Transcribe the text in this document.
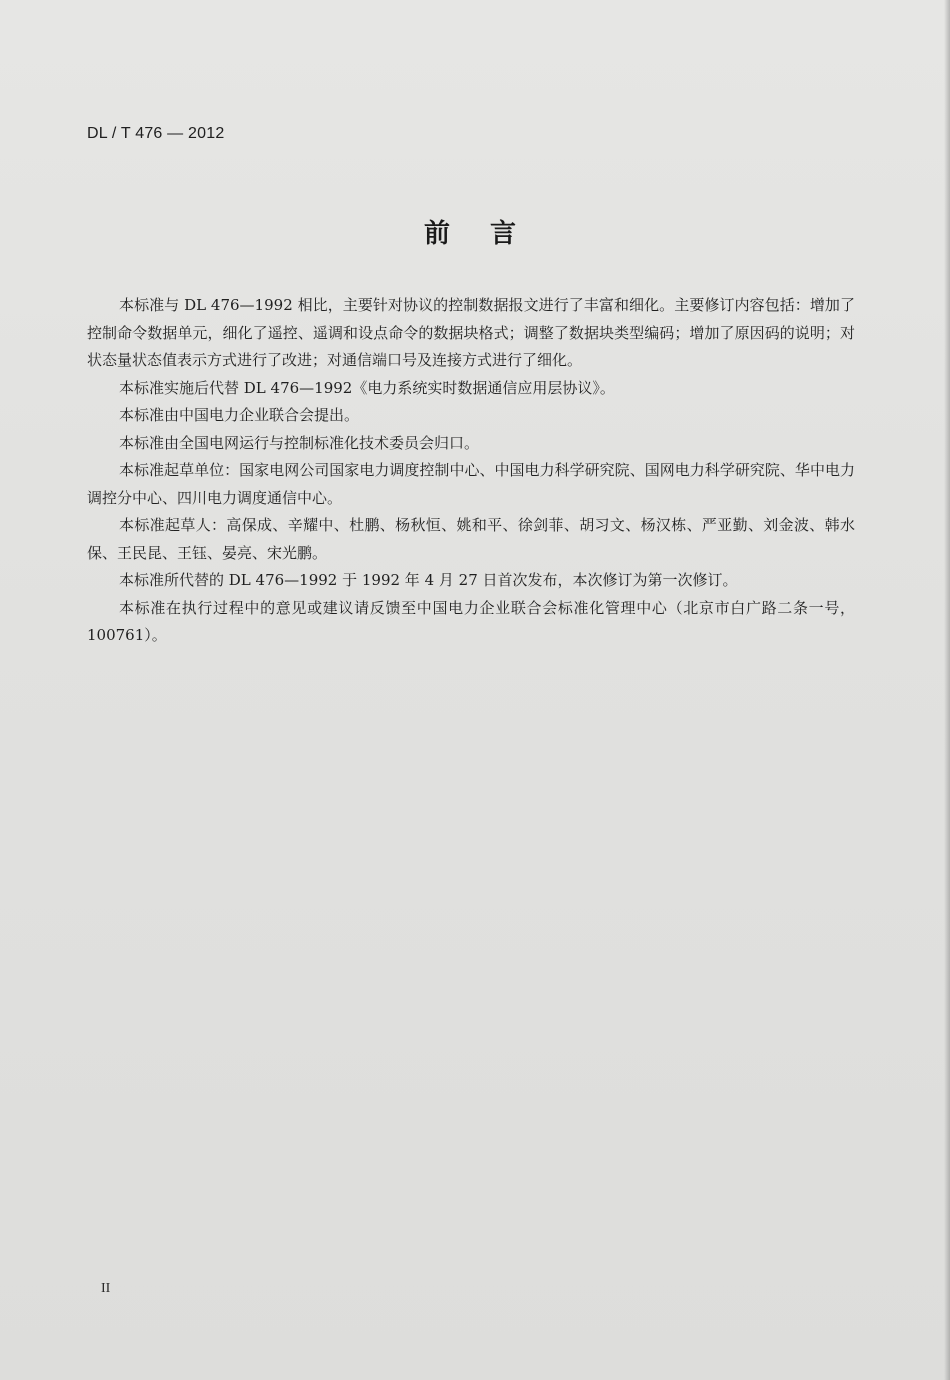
DL / T 476 — 2012
前言

本标准与 DL 476—1992 相比，主要针对协议的控制数据报文进行了丰富和细化。主要修订内容包括：增加了控制命令数据单元，细化了遥控、遥调和设点命令的数据块格式；调整了数据块类型编码；增加了原因码的说明；对状态量状态值表示方式进行了改进；对通信端口号及连接方式进行了细化。

本标准实施后代替 DL 476—1992《电力系统实时数据通信应用层协议》。

本标准由中国电力企业联合会提出。

本标准由全国电网运行与控制标准化技术委员会归口。

本标准起草单位：国家电网公司国家电力调度控制中心、中国电力科学研究院、国网电力科学研究院、华中电力调控分中心、四川电力调度通信中心。

本标准起草人：高保成、辛耀中、杜鹏、杨秋恒、姚和平、徐剑菲、胡习文、杨汉栋、严亚勤、刘金波、韩水保、王民昆、王钰、晏亮、宋光鹏。

本标准所代替的 DL 476—1992 于 1992 年 4 月 27 日首次发布，本次修订为第一次修订。

本标准在执行过程中的意见或建议请反馈至中国电力企业联合会标准化管理中心（北京市白广路二条一号，100761）。

II
